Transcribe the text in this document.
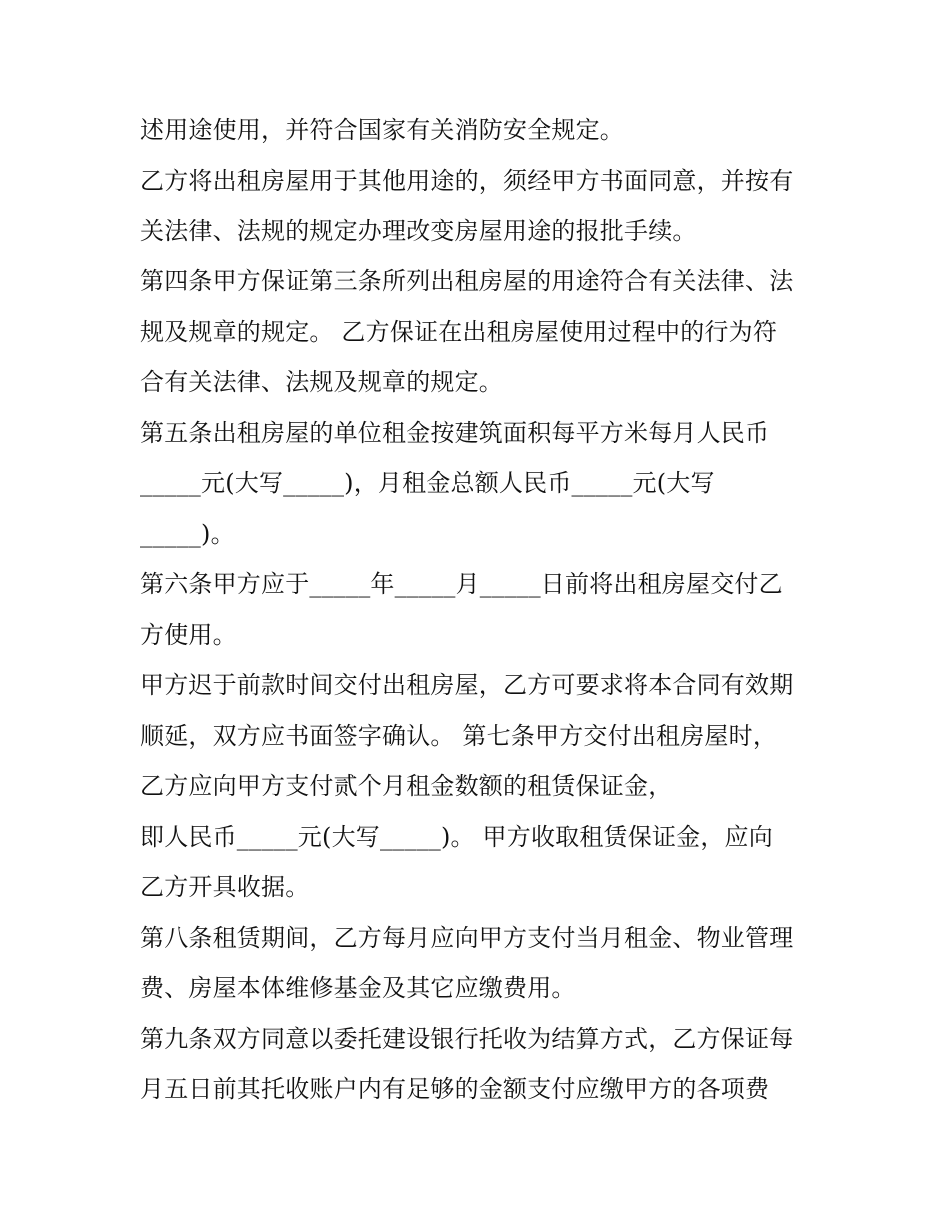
述用途使用，并符合国家有关消防安全规定。
乙方将出租房屋用于其他用途的，须经甲方书面同意，并按有
关法律、法规的规定办理改变房屋用途的报批手续。
第四条甲方保证第三条所列出租房屋的用途符合有关法律、法
规及规章的规定。 乙方保证在出租房屋使用过程中的行为符
合有关法律、法规及规章的规定。
第五条出租房屋的单位租金按建筑面积每平方米每月人民币
_____元(大写_____)，月租金总额人民币_____元(大写
_____)。
第六条甲方应于_____年_____月_____日前将出租房屋交付乙
方使用。
甲方迟于前款时间交付出租房屋，乙方可要求将本合同有效期
顺延，双方应书面签字确认。 第七条甲方交付出租房屋时，
乙方应向甲方支付贰个月租金数额的租赁保证金，
即人民币_____元(大写_____)。 甲方收取租赁保证金，应向
乙方开具收据。
第八条租赁期间，乙方每月应向甲方支付当月租金、物业管理
费、房屋本体维修基金及其它应缴费用。
第九条双方同意以委托建设银行托收为结算方式，乙方保证每
月五日前其托收账户内有足够的金额支付应缴甲方的各项费
